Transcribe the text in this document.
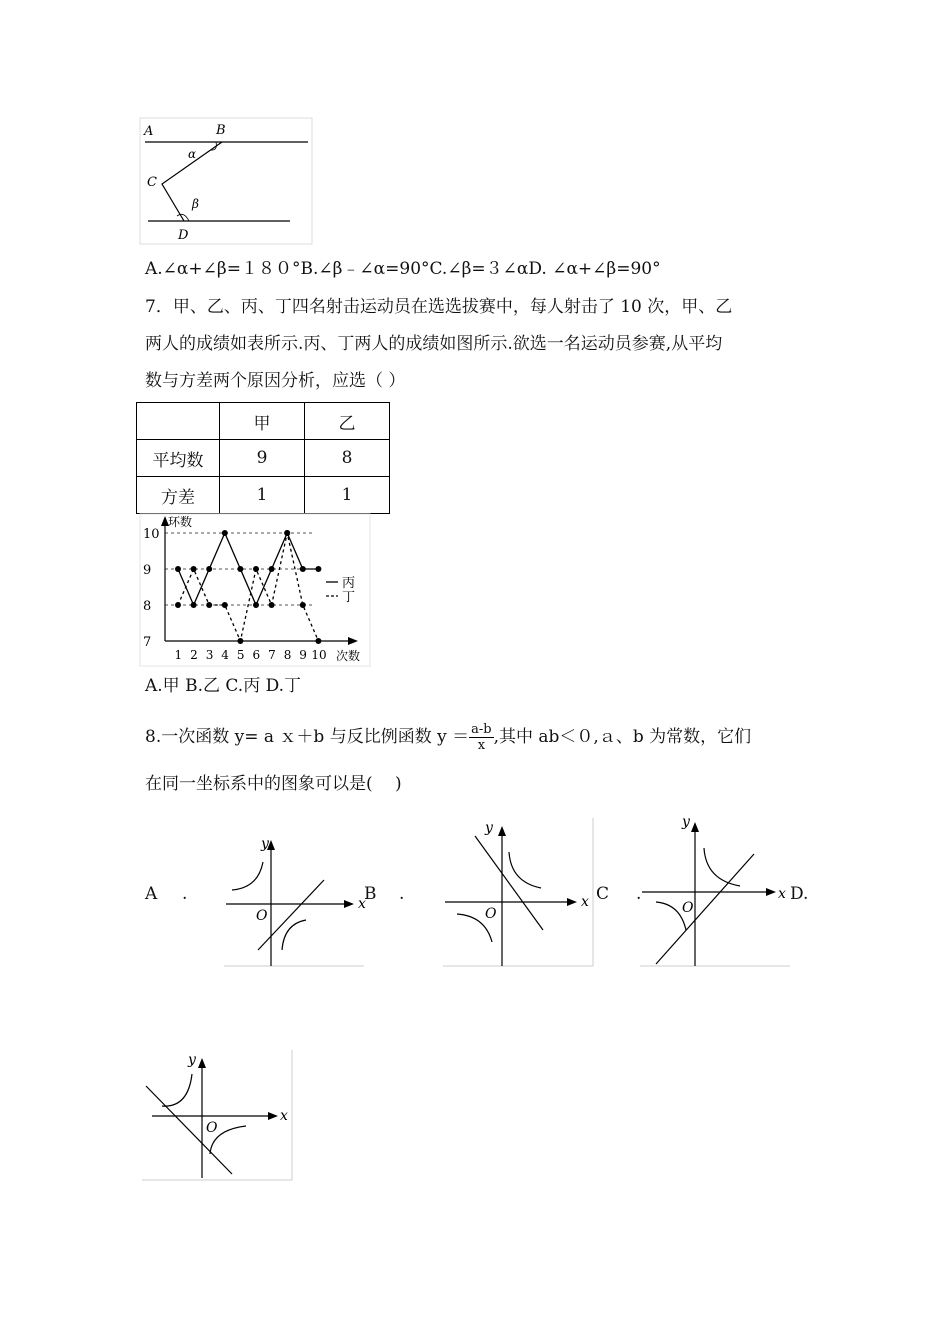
A	B
C
D
α
β
A.∠α+∠β=１８０°B.∠β﹣∠α=90°C.∠β=３∠αD. ∠α+∠β=90°
7．甲、乙、丙、丁四名射击运动员在选选拔赛中，每人射击了 10 次，甲、乙
两人的成绩如表所示.丙、丁两人的成绩如图所示.欲选一名运动员参赛,从平均
数与方差两个原因分析，应选（ ）
	甲	乙
平均数	9	8
方差	1	1
7
8
9
10
1 2 3 4 5 6 7 8 9 10
环数
次数
丙
丁
A.甲 B.乙 C.丙 D.丁
8.一次函数 y= a ｘ＋b 与反比例函数 $y = \frac{a-b}{x}$ ,其中 ab＜０,ａ、b 为常数，它们
在同一坐标系中的图象可以是(　 )
A .	B .	C .	D.
x
y
O
x
y
O
x
y
O
x
y
O
